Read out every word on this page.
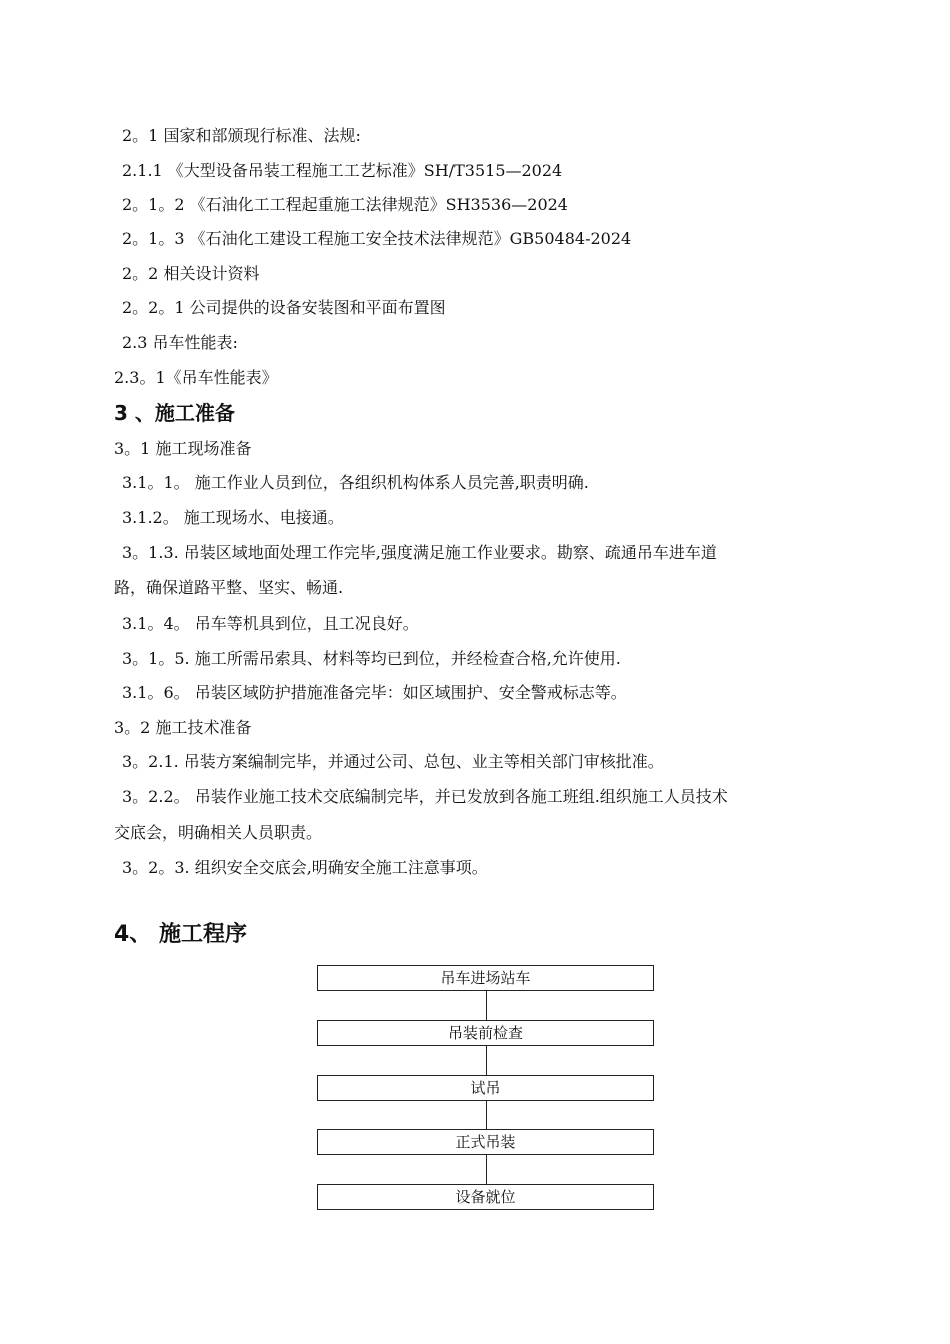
2。1 国家和部颁现行标准、法规:
2.1.1 《大型设备吊装工程施工工艺标准》SH/T3515—2024
2。1。2 《石油化工工程起重施工法律规范》SH3536—2024
2。1。3 《石油化工建设工程施工安全技术法律规范》GB50484-2024
2。2 相关设计资料
2。2。1 公司提供的设备安装图和平面布置图
2.3 吊车性能表:
2.3。1《吊车性能表》
3 、施工准备
3。1 施工现场准备
3.1。1。 施工作业人员到位，各组织机构体系人员完善,职责明确.
3.1.2。 施工现场水、电接通。
3。1.3. 吊装区域地面处理工作完毕,强度满足施工作业要求。勘察、疏通吊车进车道
路，确保道路平整、坚实、畅通.
3.1。4。 吊车等机具到位，且工况良好。
3。1。5. 施工所需吊索具、材料等均已到位，并经检查合格,允许使用.
3.1。6。 吊装区域防护措施准备完毕：如区域围护、安全警戒标志等。
3。2 施工技术准备
3。2.1. 吊装方案编制完毕，并通过公司、总包、业主等相关部门审核批准。
3。2.2。 吊装作业施工技术交底编制完毕，并已发放到各施工班组.组织施工人员技术
交底会，明确相关人员职责。
3。2。3. 组织安全交底会,明确安全施工注意事项。
4、 施工程序
吊车进场站车
吊装前检查
试吊
正式吊装
设备就位
